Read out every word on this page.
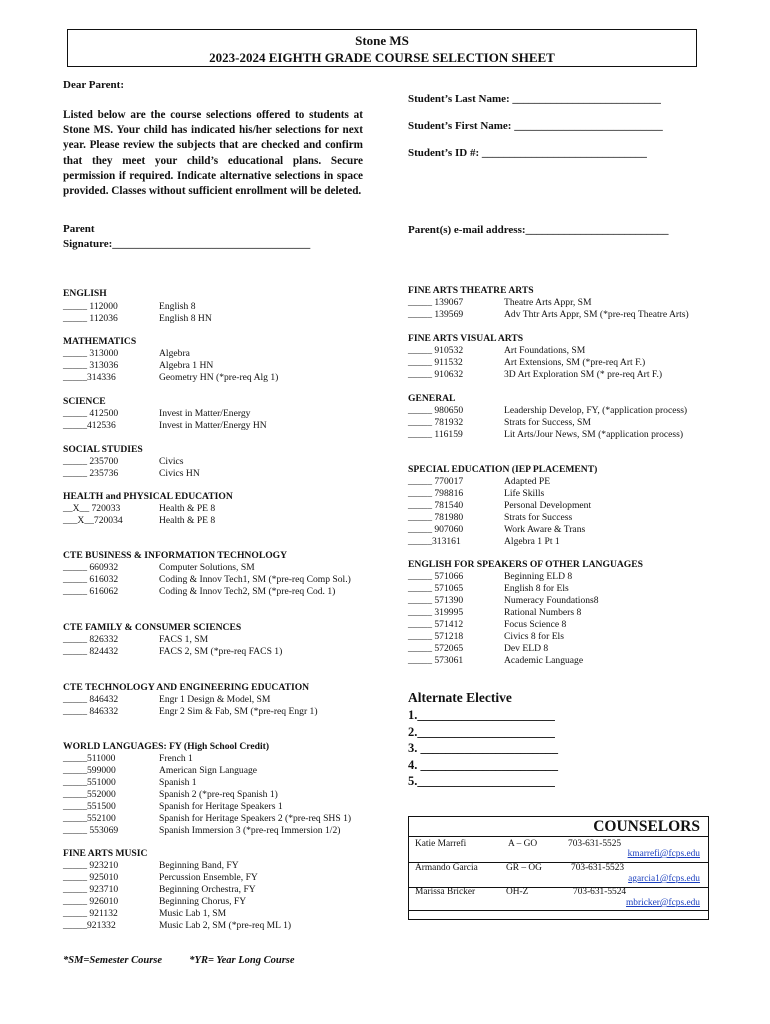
Stone MS
2023-2024 EIGHTH GRADE COURSE SELECTION SHEET
Dear Parent:
Listed below are the course selections offered to students at Stone MS. Your child has indicated his/her selections for next year. Please review the subjects that are checked and confirm that they meet your child’s educational plans. Secure permission if required. Indicate alternative selections in space provided. Classes without sufficient enrollment will be deleted.
Parent
Signature:____________________________________
Student’s Last Name: ___________________________
Student’s First Name: ___________________________
Student’s ID #: ______________________________
Parent(s) e-mail address:__________________________
ENGLISH
_____ 112000	English 8
_____ 112036	English 8 HN
MATHEMATICS
_____ 313000	Algebra
_____ 313036	Algebra 1 HN
_____314336	Geometry HN (*pre-req Alg 1)
SCIENCE
_____ 412500	Invest in Matter/Energy
_____412536	Invest in Matter/Energy HN
SOCIAL STUDIES
_____ 235700	Civics
_____ 235736	Civics HN
HEALTH and PHYSICAL EDUCATION
__X__ 720033	Health & PE 8
___X__720034	Health & PE 8
CTE BUSINESS & INFORMATION TECHNOLOGY
_____ 660932	Computer Solutions, SM
_____ 616032	Coding & Innov Tech1, SM (*pre-req Comp Sol.)
_____ 616062	Coding & Innov Tech2, SM (*pre-req Cod. 1)
CTE FAMILY & CONSUMER SCIENCES
_____ 826332	FACS 1, SM
_____ 824432	FACS 2, SM (*pre-req FACS 1)
CTE TECHNOLOGY AND ENGINEERING EDUCATION
_____ 846432	Engr 1 Design & Model, SM
_____ 846332	Engr 2 Sim & Fab, SM (*pre-req Engr 1)
WORLD LANGUAGES: FY (High School Credit)
_____511000	French 1
_____599000	American Sign Language
_____551000	Spanish 1
_____552000	Spanish 2 (*pre-req Spanish 1)
_____551500	Spanish for Heritage Speakers 1
_____552100	Spanish for Heritage Speakers 2 (*pre-req SHS 1)
_____ 553069	Spanish Immersion 3 (*pre-req Immersion 1/2)
FINE ARTS MUSIC
_____ 923210	Beginning Band, FY
_____ 925010	Percussion Ensemble, FY
_____ 923710	Beginning Orchestra, FY
_____ 926010	Beginning Chorus, FY
_____ 921132	Music Lab 1, SM
_____921332	Music Lab 2, SM (*pre-req ML 1)
FINE ARTS THEATRE ARTS
_____ 139067	Theatre Arts Appr, SM
_____ 139569	Adv Thtr Arts Appr, SM (*pre-req Theatre Arts)
FINE ARTS VISUAL ARTS
_____ 910532	Art Foundations, SM
_____ 911532	Art Extensions, SM (*pre-req Art F.)
_____ 910632	3D Art Exploration SM (* pre-req Art F.)
GENERAL
_____ 980650	Leadership Develop, FY, (*application process)
_____ 781932	Strats for Success, SM
_____ 116159	Lit Arts/Jour News, SM (*application process)
SPECIAL EDUCATION (IEP PLACEMENT)
_____ 770017	Adapted PE
_____ 798816	Life Skills
_____ 781540	Personal Development
_____ 781980	Strats for Success
_____ 907060	Work Aware & Trans
_____313161	Algebra 1 Pt 1
ENGLISH FOR SPEAKERS OF OTHER LANGUAGES
_____ 571066	Beginning ELD 8
_____ 571065	English 8 for Els
_____ 571390	Numeracy Foundations8
_____ 319995	Rational Numbers 8
_____ 571412	Focus Science 8
_____ 571218	Civics 8 for Els
_____ 572065	Dev ELD 8
_____ 573061	Academic Language
Alternate Elective
1.______________________
2.______________________
3. ______________________
4. ______________________
5.______________________
COUNSELORS
Katie Marrefi	A – GO	703-631-5525
kmarrefi@fcps.edu
Armando Garcia	GR – OG	703-631-5523
agarcia1@fcps.edu
Marissa Bricker	OH-Z	703-631-5524
mbricker@fcps.edu
*SM=Semester Course	*YR= Year Long Course
